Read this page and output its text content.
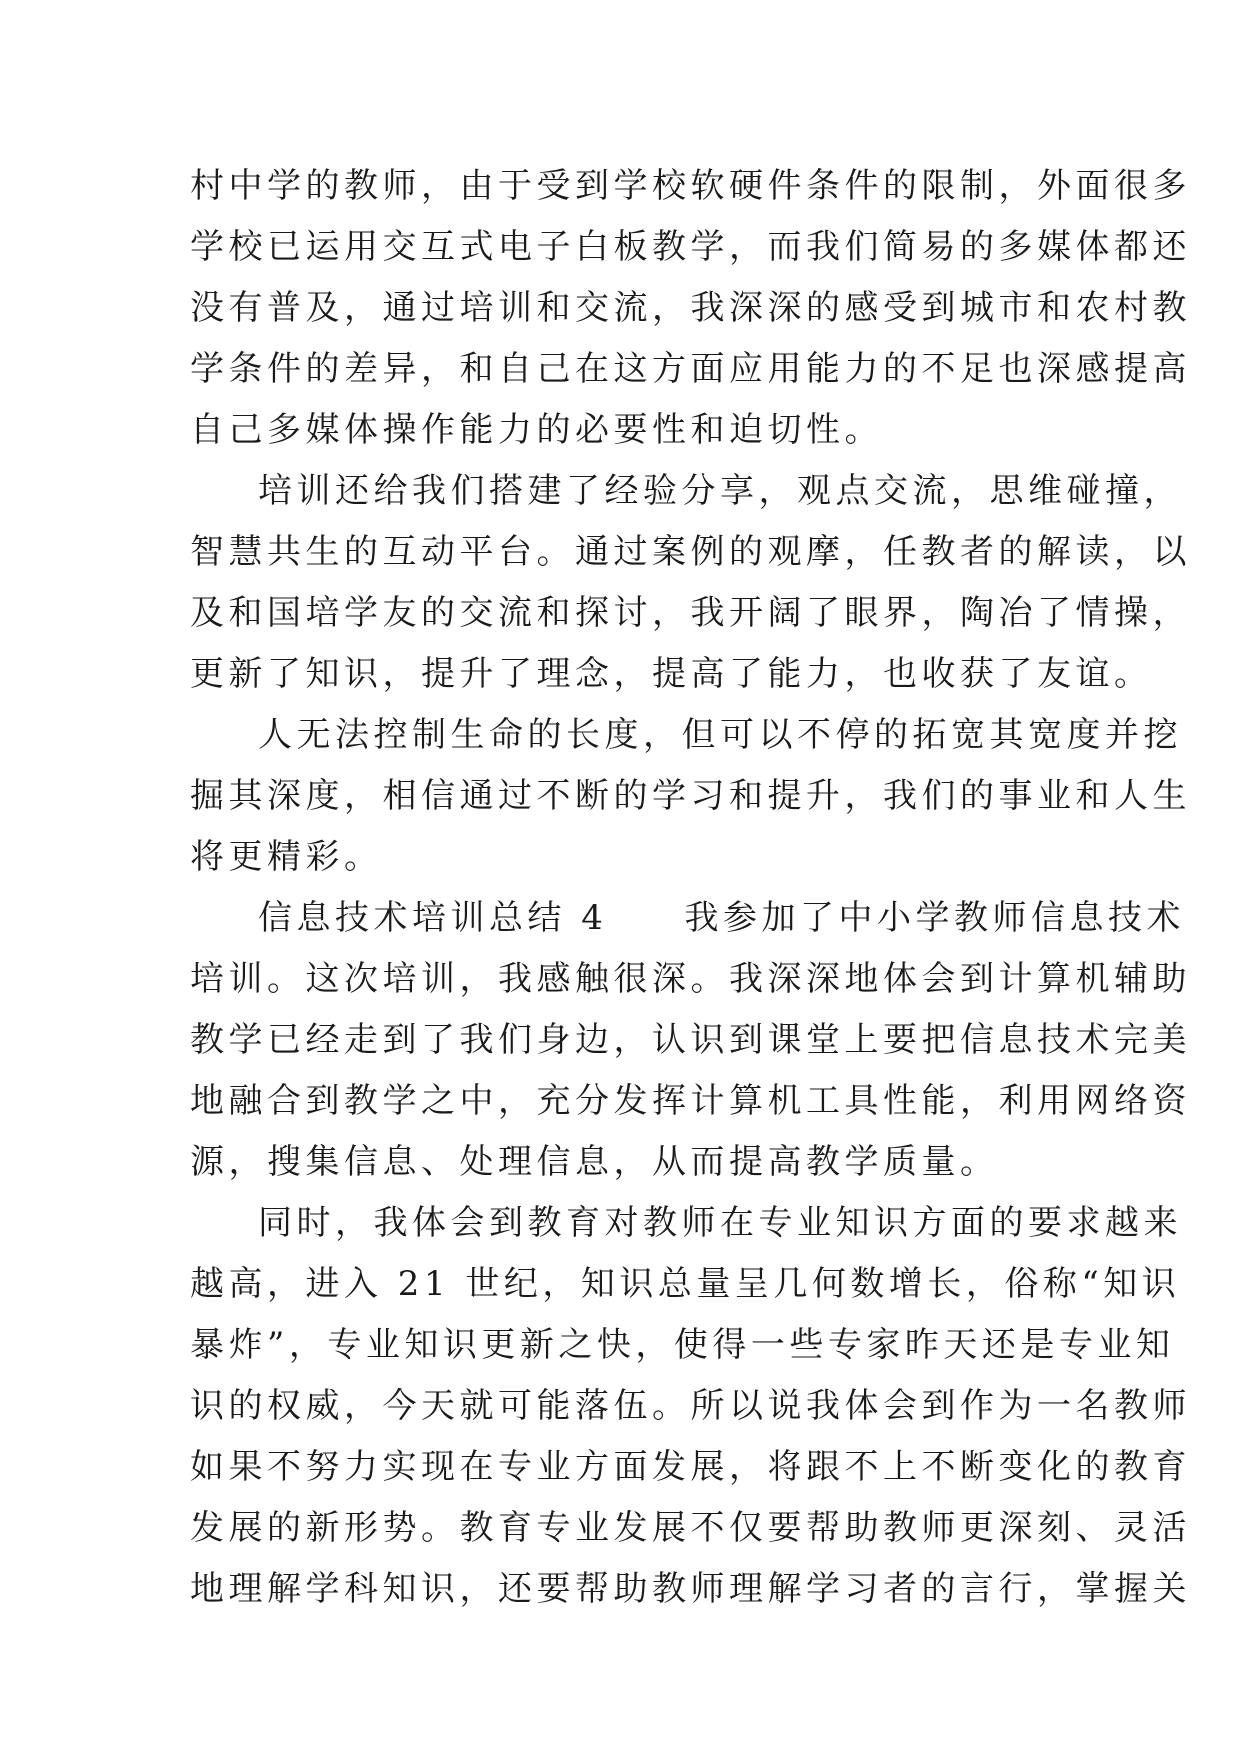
村中学的教师，由于受到学校软硬件条件的限制，外面很多
学校已运用交互式电子白板教学，而我们简易的多媒体都还
没有普及，通过培训和交流，我深深的感受到城市和农村教
学条件的差异，和自己在这方面应用能力的不足也深感提高
自己多媒体操作能力的必要性和迫切性。
培训还给我们搭建了经验分享，观点交流，思维碰撞，
智慧共生的互动平台。通过案例的观摩，任教者的解读，以
及和国培学友的交流和探讨，我开阔了眼界，陶冶了情操，
更新了知识，提升了理念，提高了能力，也收获了友谊。
人无法控制生命的长度，但可以不停的拓宽其宽度并挖
掘其深度，相信通过不断的学习和提升，我们的事业和人生
将更精彩。
信息技术培训总结 4　　我参加了中小学教师信息技术
培训。这次培训，我感触很深。我深深地体会到计算机辅助
教学已经走到了我们身边，认识到课堂上要把信息技术完美
地融合到教学之中，充分发挥计算机工具性能，利用网络资
源，搜集信息、处理信息，从而提高教学质量。
同时，我体会到教育对教师在专业知识方面的要求越来
越高，进入 21 世纪，知识总量呈几何数增长，俗称“知识
暴炸”，专业知识更新之快，使得一些专家昨天还是专业知
识的权威，今天就可能落伍。所以说我体会到作为一名教师
如果不努力实现在专业方面发展，将跟不上不断变化的教育
发展的新形势。教育专业发展不仅要帮助教师更深刻、灵活
地理解学科知识，还要帮助教师理解学习者的言行，掌握关
